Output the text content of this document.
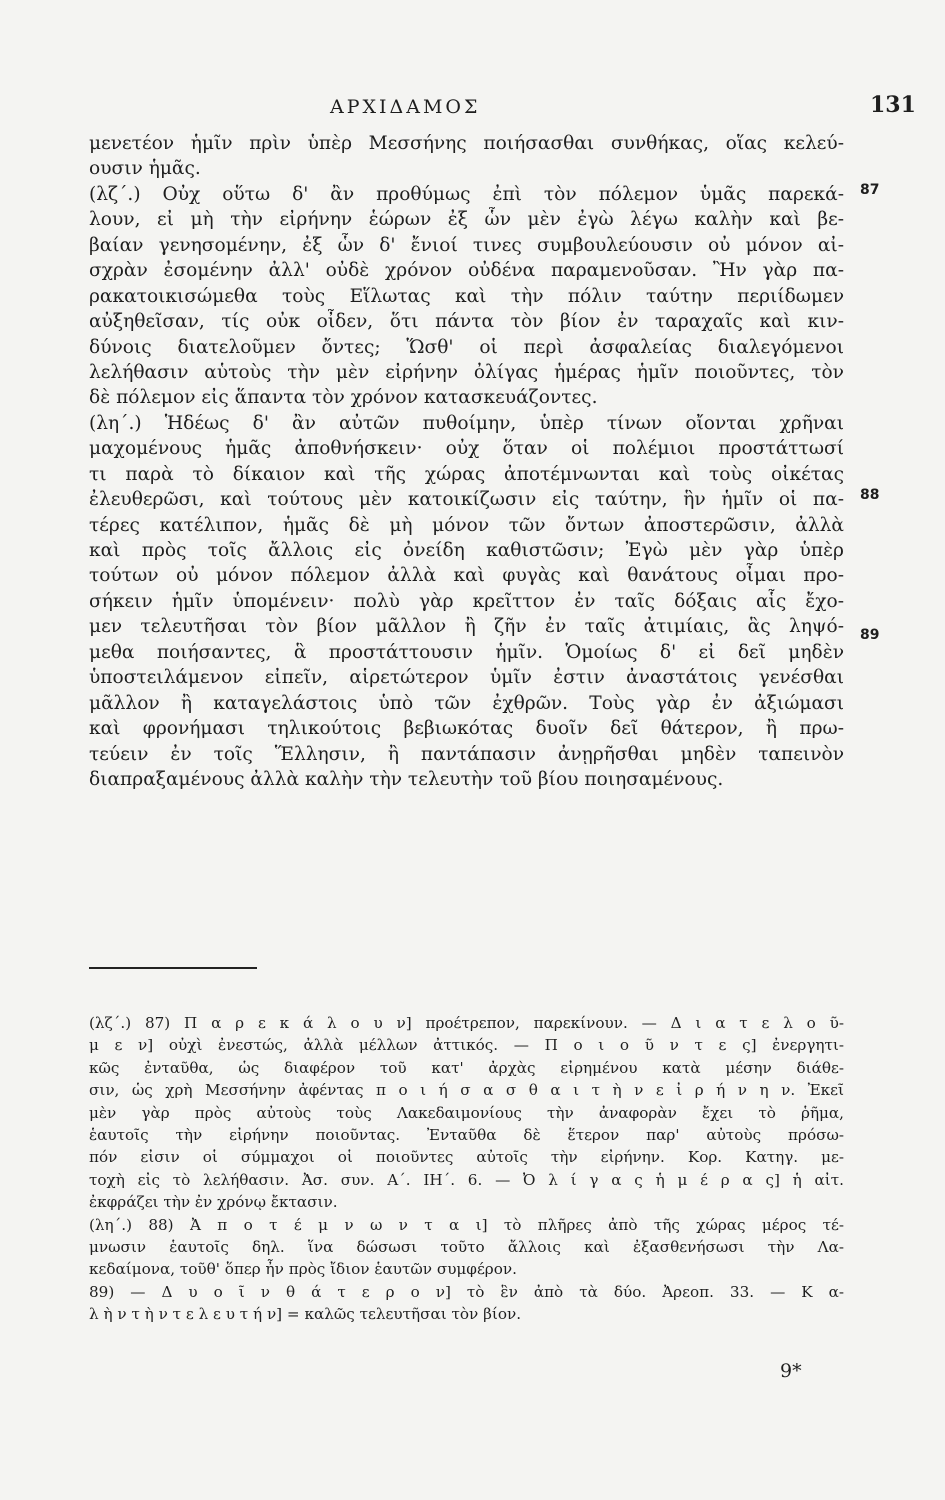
ΑΡΧΙΔΑΜΟΣ	131
μενετέον ἡμῖν πρὶν ὑπὲρ Μεσσήνης ποιήσασθαι συνθήκας, οἵας κελεύ-
ουσιν ἡμᾶς.
(λζ΄.) Οὐχ οὕτω δ' ἂν προθύμως ἐπὶ τὸν πόλεμον ὑμᾶς παρεκά-
λουν, εἰ μὴ τὴν εἰρήνην ἑώρων ἐξ ὧν μὲν ἐγὼ λέγω καλὴν καὶ βε-
βαίαν γενησομένην, ἐξ ὧν δ' ἔνιοί τινες συμβουλεύουσιν οὐ μόνον αἰ-
σχρὰν ἐσομένην ἀλλ' οὐδὲ χρόνον οὐδένα παραμενοῦσαν. Ἢν γὰρ πα-
ρακατοικισώμεθα τοὺς Εἵλωτας καὶ τὴν πόλιν ταύτην περιίδωμεν
αὐξηθεῖσαν, τίς οὐκ οἶδεν, ὅτι πάντα τὸν βίον ἐν ταραχαῖς καὶ κιν-
δύνοις διατελοῦμεν ὄντες; Ὥσθ' οἱ περὶ ἀσφαλείας διαλεγόμενοι
λελήθασιν αὑτοὺς τὴν μὲν εἰρήνην ὀλίγας ἡμέρας ἡμῖν ποιοῦντες, τὸν
δὲ πόλεμον εἰς ἅπαντα τὸν χρόνον κατασκευάζοντες.
(λη΄.) Ἡδέως δ' ἂν αὐτῶν πυθοίμην, ὑπὲρ τίνων οἴονται χρῆναι
μαχομένους ἡμᾶς ἀποθνήσκειν· οὐχ ὅταν οἱ πολέμιοι προστάττωσί
τι παρὰ τὸ δίκαιον καὶ τῆς χώρας ἀποτέμνωνται καὶ τοὺς οἰκέτας
ἐλευθερῶσι, καὶ τούτους μὲν κατοικίζωσιν εἰς ταύτην, ἣν ἡμῖν οἱ πα-
τέρες κατέλιπον, ἡμᾶς δὲ μὴ μόνον τῶν ὄντων ἀποστερῶσιν, ἀλλὰ
καὶ πρὸς τοῖς ἄλλοις εἰς ὀνείδη καθιστῶσιν; Ἐγὼ μὲν γὰρ ὑπὲρ
τούτων οὐ μόνον πόλεμον ἀλλὰ καὶ φυγὰς καὶ θανάτους οἶμαι προ-
σήκειν ἡμῖν ὑπομένειν· πολὺ γὰρ κρεῖττον ἐν ταῖς δόξαις αἷς ἔχο-
μεν τελευτῆσαι τὸν βίον μᾶλλον ἢ ζῆν ἐν ταῖς ἀτιμίαις, ἃς ληψό-
μεθα ποιήσαντες, ἃ προστάττουσιν ἡμῖν. Ὁμοίως δ' εἰ δεῖ μηδὲν
ὑποστειλάμενον εἰπεῖν, αἱρετώτερον ὑμῖν ἐστιν ἀναστάτοις γενέσθαι
μᾶλλον ἢ καταγελάστοις ὑπὸ τῶν ἐχθρῶν. Τοὺς γὰρ ἐν ἀξιώμασι
καὶ φρονήμασι τηλικούτοις βεβιωκότας δυοῖν δεῖ θάτερον, ἢ πρω-
τεύειν ἐν τοῖς Ἕλλησιν, ἢ παντάπασιν ἀνῃρῆσθαι μηδὲν ταπεινὸν
διαπραξαμένους ἀλλὰ καλὴν τὴν τελευτὴν τοῦ βίου ποιησαμένους.
87
88
89
(λζ΄.) 87) Π α ρ ε κ ά λ ο υ ν] προέτρεπον, παρεκίνουν. — Δ ι α τ ε λ ο ῦ-
μ ε ν] οὐχὶ ἐνεστώς, ἀλλὰ μέλλων ἀττικός. — Π ο ι ο ῦ ν τ ε ς] ἐνεργητι-
κῶς ἐνταῦθα, ὡς διαφέρον τοῦ κατ' ἀρχὰς εἰρημένου κατὰ μέσην διάθε-
σιν, ὡς χρὴ Μεσσήνην ἀφέντας π ο ι ή σ α σ θ α ι τ ὴ ν ε ἰ ρ ή ν η ν. Ἐκεῖ
μὲν γὰρ πρὸς αὐτοὺς τοὺς Λακεδαιμονίους τὴν ἀναφορὰν ἔχει τὸ ῥῆμα,
ἑαυτοῖς τὴν εἰρήνην ποιοῦντας. Ἐνταῦθα δὲ ἕτερον παρ' αὐτοὺς πρόσω-
πόν εἰσιν οἱ σύμμαχοι οἱ ποιοῦντες αὐτοῖς τὴν εἰρήνην. Κορ. Κατηγ. με-
τοχὴ εἰς τὸ λελήθασιν. Ἀσ. συν. Α΄. ΙΗ΄. 6. — Ὀ λ ί γ α ς ἡ μ έ ρ α ς] ἡ αἰτ.
ἐκφράζει τὴν ἐν χρόνῳ ἔκτασιν.
(λη΄.) 88) Ἀ π ο τ έ μ ν ω ν τ α ι] τὸ πλῆρες ἀπὸ τῆς χώρας μέρος τέ-
μνωσιν ἑαυτοῖς δηλ. ἵνα δώσωσι τοῦτο ἄλλοις καὶ ἐξασθενήσωσι τὴν Λα-
κεδαίμονα, τοῦθ' ὅπερ ἦν πρὸς ἴδιον ἑαυτῶν συμφέρον.
89) — Δ υ ο ῖ ν θ ά τ ε ρ ο ν] τὸ ἓν ἀπὸ τὰ δύο. Ἀρεοπ. 33. — Κ α-
λ ὴ ν τ ὴ ν τ ε λ ε υ τ ή ν] = καλῶς τελευτῆσαι τὸν βίον.
9*
